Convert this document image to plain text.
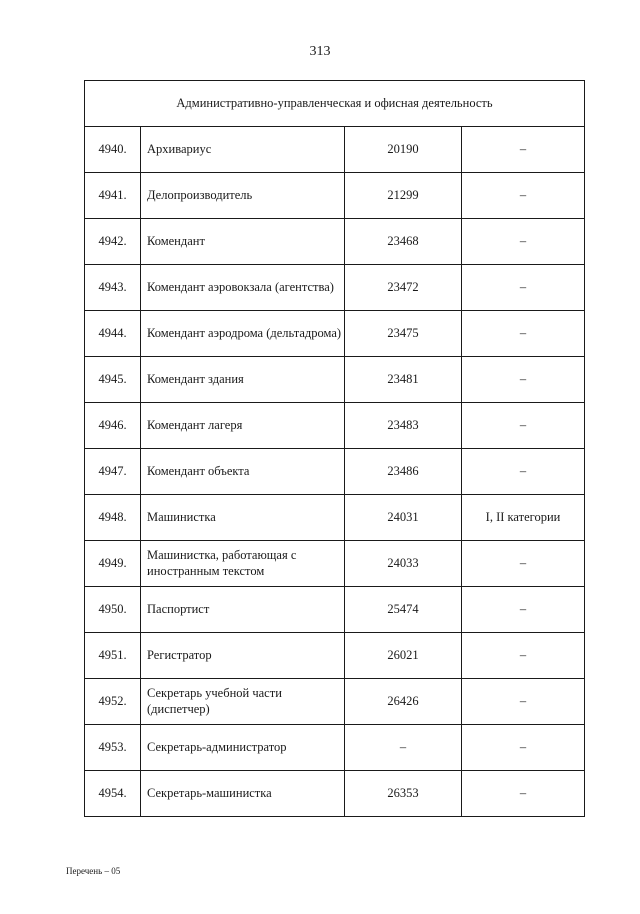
313
Административно-управленческая и офисная деятельность			
4940.	Архивариус	20190	–
4941.	Делопроизводитель	21299	–
4942.	Комендант	23468	–
4943.	Комендант аэровокзала (агентства)	23472	–
4944.	Комендант аэродрома (дельтадрома)	23475	–
4945.	Комендант здания	23481	–
4946.	Комендант лагеря	23483	–
4947.	Комендант объекта	23486	–
4948.	Машинистка	24031	I, II категории
4949.	Машинистка, работающая с иностранным текстом	24033	–
4950.	Паспортист	25474	–
4951.	Регистратор	26021	–
4952.	Секретарь учебной части (диспетчер)	26426	–
4953.	Секретарь-администратор	–	–
4954.	Секретарь-машинистка	26353	–
Перечень – 05
